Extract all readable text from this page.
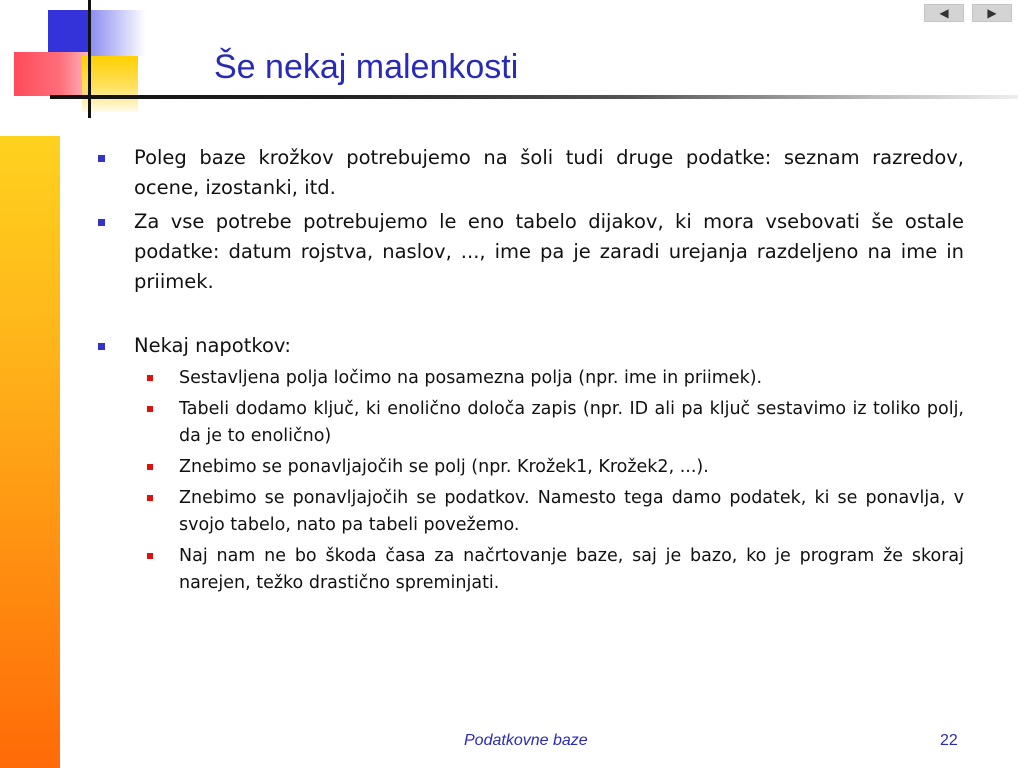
◀	▶
Še nekaj malenkosti
Poleg baze krožkov potrebujemo na šoli tudi druge podatke: seznam razredov, ocene, izostanki, itd.
Za vse potrebe potrebujemo le eno tabelo dijakov, ki mora vsebovati še ostale podatke: datum rojstva, naslov, ..., ime pa je zaradi urejanja razdeljeno na ime in priimek.
Nekaj napotkov:
Sestavljena polja ločimo na posamezna polja (npr. ime in priimek).
Tabeli dodamo ključ, ki enolično določa zapis (npr. ID ali pa ključ sestavimo iz toliko polj, da je to enolično)
Znebimo se ponavljajočih se polj (npr. Krožek1, Krožek2, ...).
Znebimo se ponavljajočih se podatkov. Namesto tega damo podatek, ki se ponavlja, v svojo tabelo, nato pa tabeli povežemo.
Naj nam ne bo škoda časa za načrtovanje baze, saj je bazo, ko je program že skoraj narejen, težko drastično spreminjati.
Podatkovne baze	22
